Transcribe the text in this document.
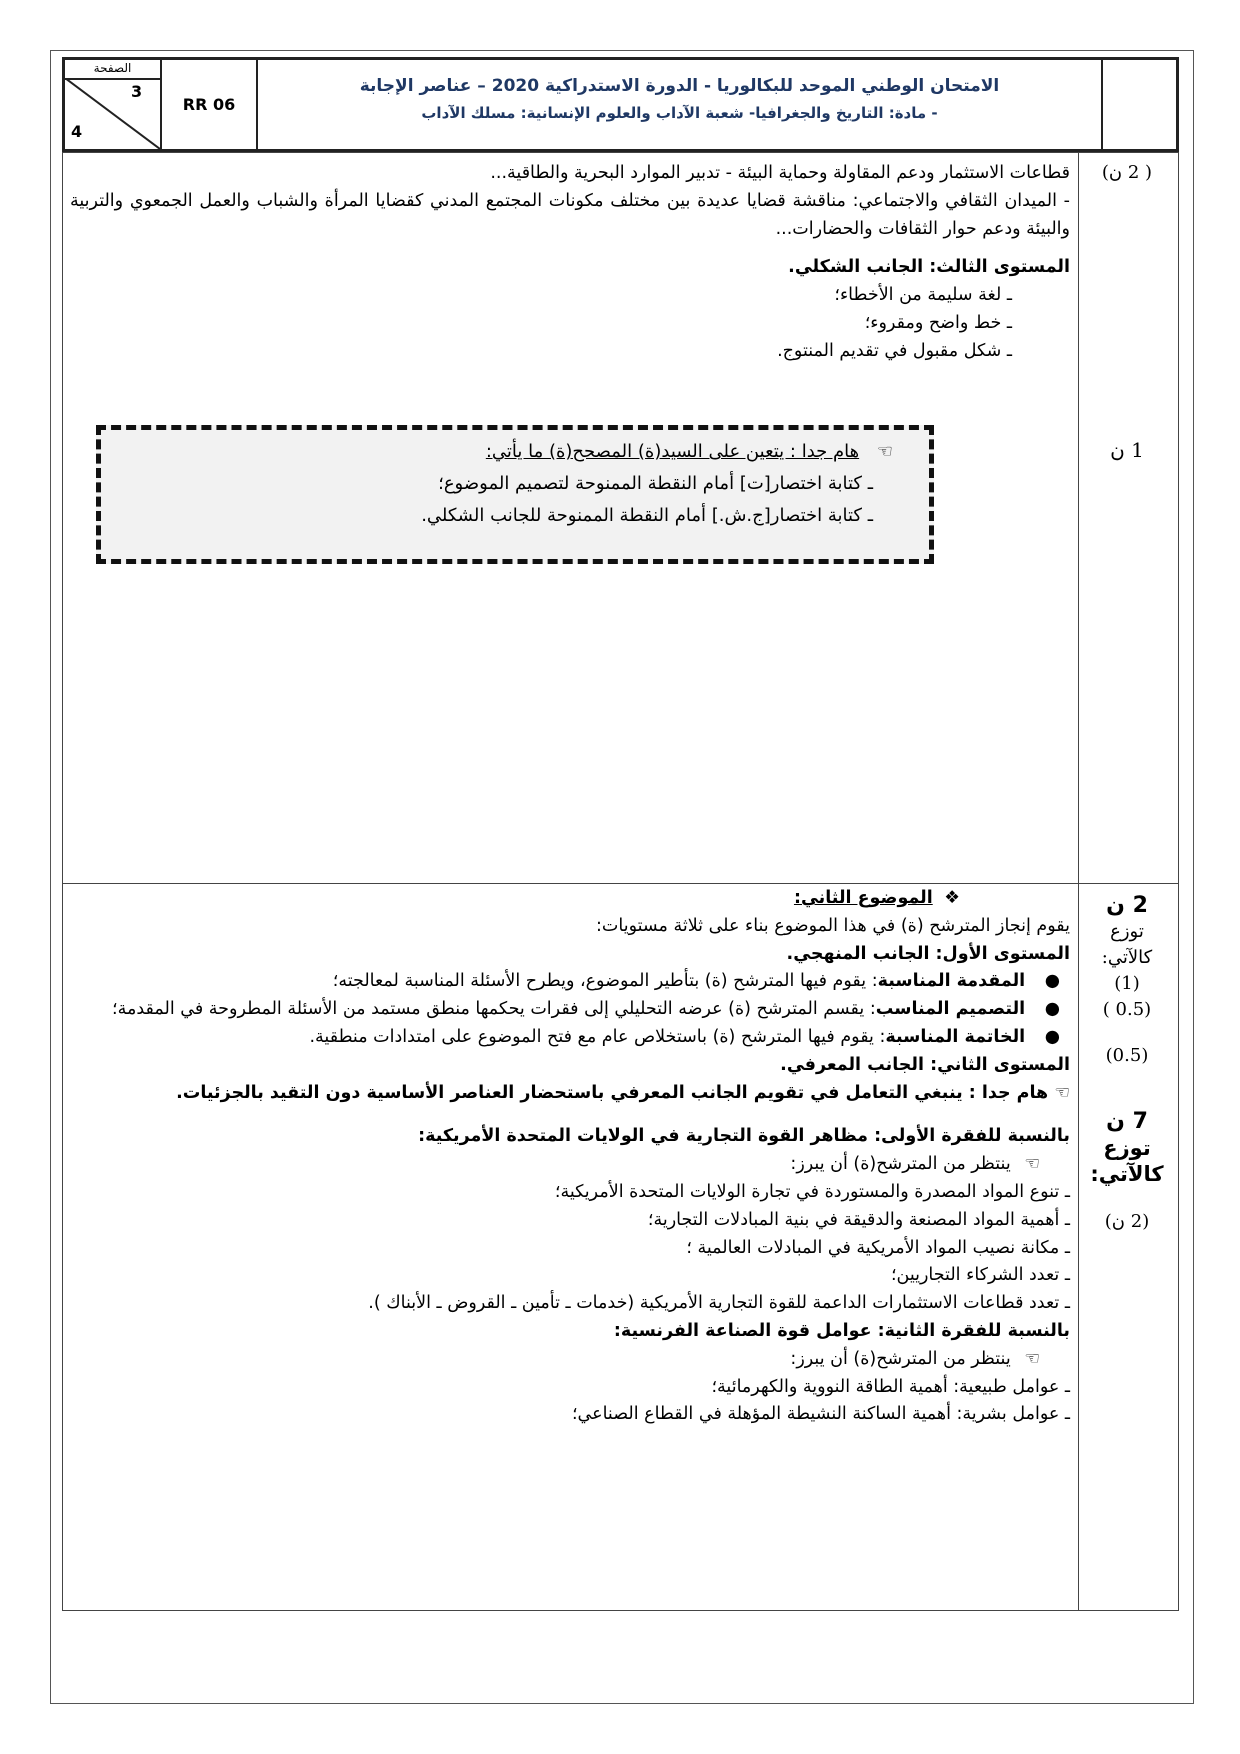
الصفحة
3
4
RR 06
الامتحان الوطني الموحد للبكالوريا - الدورة الاستدراكية 2020 – عناصر الإجابة
- مادة: التاريخ والجغرافيا- شعبة الآداب والعلوم الإنسانية: مسلك الآداب
( 2 ن)
1 ن

قطاعات الاستثمار ودعم المقاولة وحماية البيئة - تدبير الموارد البحرية والطاقية...

- الميدان الثقافي والاجتماعي: مناقشة قضايا عديدة بين مختلف مكونات المجتمع المدني كقضايا المرأة والشباب والعمل الجمعوي والتربية والبيئة ودعم حوار الثقافات والحضارات...

المستوى الثالث: الجانب الشكلي.

ـ لغة سليمة من الأخطاء؛

ـ خط واضح ومقروء؛

ـ شكل مقبول في تقديم المنتوج.

☜ هام جدا : يتعين على السيد(ة) المصحح(ة) ما يأتي:

ـ كتابة اختصار[ت] أمام النقطة الممنوحة لتصميم الموضوع؛

ـ كتابة اختصار[ج.ش.] أمام النقطة الممنوحة للجانب الشكلي.

2 ن
توزع
كالآتي:
(1)
(0.5 )
(0.5)
7 ن
توزع
كالآتي:
(2 ن)

❖ الموضوع الثاني:

يقوم إنجاز المترشح (ة) في هذا الموضوع بناء على ثلاثة مستويات:

المستوى الأول: الجانب المنهجي.

● المقدمة المناسبة: يقوم فيها المترشح (ة) بتأطير الموضوع، ويطرح الأسئلة المناسبة لمعالجته؛

● التصميم المناسب: يقسم المترشح (ة) عرضه التحليلي إلى فقرات يحكمها منطق مستمد من الأسئلة المطروحة في المقدمة؛

● الخاتمة المناسبة: يقوم فيها المترشح (ة) باستخلاص عام مع فتح الموضوع على امتدادات منطقية.

المستوى الثاني: الجانب المعرفي.

☜ هام جدا : ينبغي التعامل في تقويم الجانب المعرفي باستحضار العناصر الأساسية دون التقيد بالجزئيات.

بالنسبة للفقرة الأولى: مظاهر القوة التجارية في الولايات المتحدة الأمريكية:

☜ ينتظر من المترشح(ة) أن يبرز:

ـ تنوع المواد المصدرة والمستوردة في تجارة الولايات المتحدة الأمريكية؛

ـ أهمية المواد المصنعة والدقيقة في بنية المبادلات التجارية؛

ـ مكانة نصيب المواد الأمريكية في المبادلات العالمية ؛

ـ تعدد الشركاء التجاريين؛

ـ تعدد قطاعات الاستثمارات الداعمة للقوة التجارية الأمريكية (خدمات ـ تأمين ـ القروض ـ الأبناك ).

بالنسبة للفقرة الثانية: عوامل قوة الصناعة الفرنسية:

☜ ينتظر من المترشح(ة) أن يبرز:

ـ عوامل طبيعية: أهمية الطاقة النووية والكهرمائية؛

ـ عوامل بشرية: أهمية الساكنة النشيطة المؤهلة في القطاع الصناعي؛
